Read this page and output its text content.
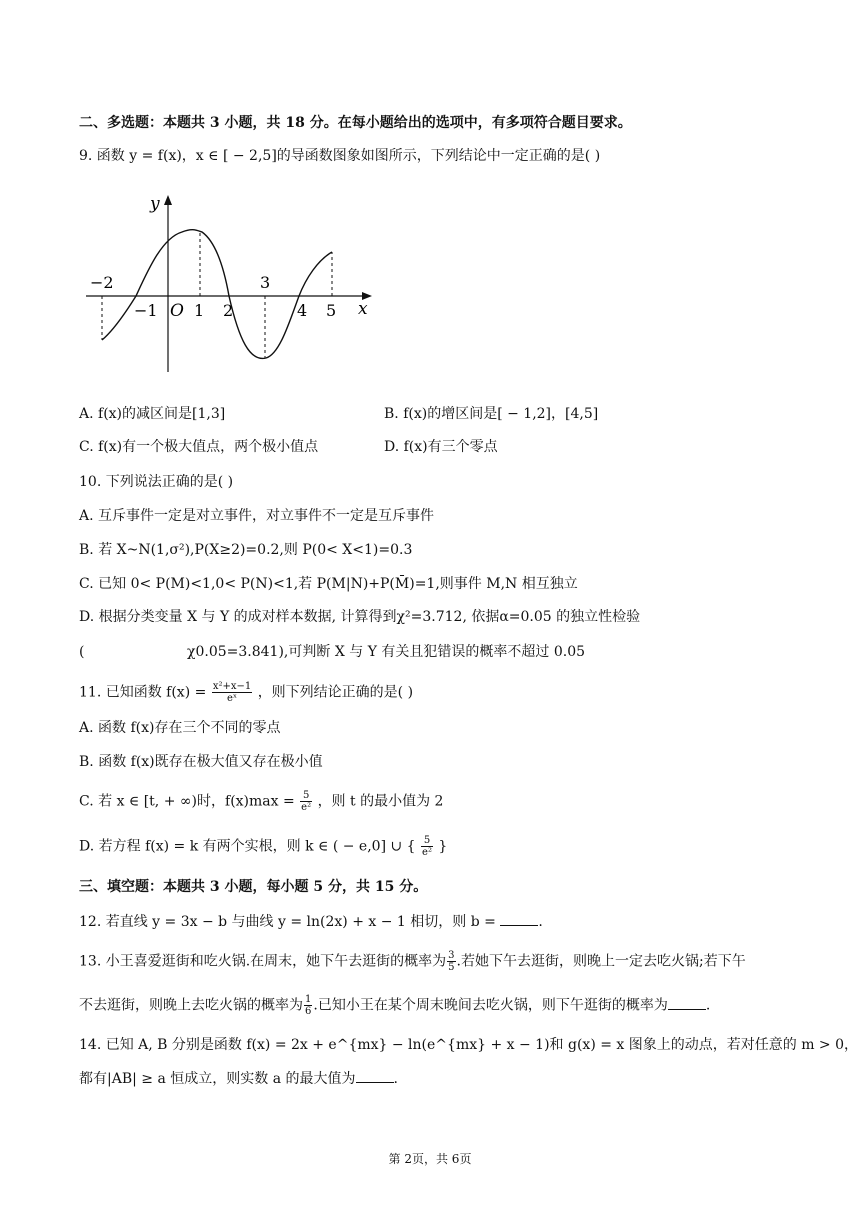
二、多选题：本题共 3 小题，共 18 分。在每小题给出的选项中，有多项符合题目要求。
9. 函数 y = f(x)，x ∈ [ − 2,5]的导函数图象如图所示，下列结论中一定正确的是( )
y
x
O
−2	3
−1 1 2	4 5
A. f(x)的减区间是[1,3]	B. f(x)的增区间是[ − 1,2]，[4,5]
C. f(x)有一个极大值点，两个极小值点	D. f(x)有三个零点
10. 下列说法正确的是( )
A. 互斥事件一定是对立事件，对立事件不一定是互斥事件
B. 若 X~N(1,σ²),P(X≥2)=0.2,则 P(0< X<1)=0.3
C. 已知 0< P(M)<1,0< P(N)<1,若 P(M|N)+P(M̄)=1,则事件 M,N 相互独立
D. 根据分类变量 X 与 Y 的成对样本数据, 计算得到χ²=3.712, 依据α=0.05 的独立性检验
(	χ0.05=3.841),可判断 X 与 Y 有关且犯错误的概率不超过 0.05
11. 已知函数 $f(x) = \frac{\text{x²+x−1}}{\text{eˣ}}$ ，则下列结论正确的是( )
A. 函数 f(x)存在三个不同的零点
B. 函数 f(x)既存在极大值又存在极小值
C. 若 x ∈ [t, + ∞)时，$f(x)\max = \frac{5}{\text{e²}}$ ，则 t 的最小值为 2
D. 若方程 f(x) = k 有两个实根，则 k ∈ ( − e,0] ∪ { $\frac{5}{\text{e²}}$ }
三、填空题：本题共 3 小题，每小题 5 分，共 15 分。
12. 若直线 y = 3x − b 与曲线 y = ln(2x) + x − 1 相切，则 b =	.
13. 小王喜爱逛街和吃火锅.在周末，她下午去逛街的概率为 $\frac{3}{5}$ .若她下午去逛街，则晚上一定去吃火锅;若下午
不去逛街，则晚上去吃火锅的概率为 $\frac{1}{6}$ .已知小王在某个周末晚间去吃火锅，则下午逛街的概率为	.
14. 已知 A, B 分别是函数 f(x) = 2x + e^{mx} − ln(e^{mx} + x − 1)和 g(x) = x 图象上的动点，若对任意的 m > 0，
都有|AB| ≥ a 恒成立，则实数 a 的最大值为	.
第 2页，共 6页
